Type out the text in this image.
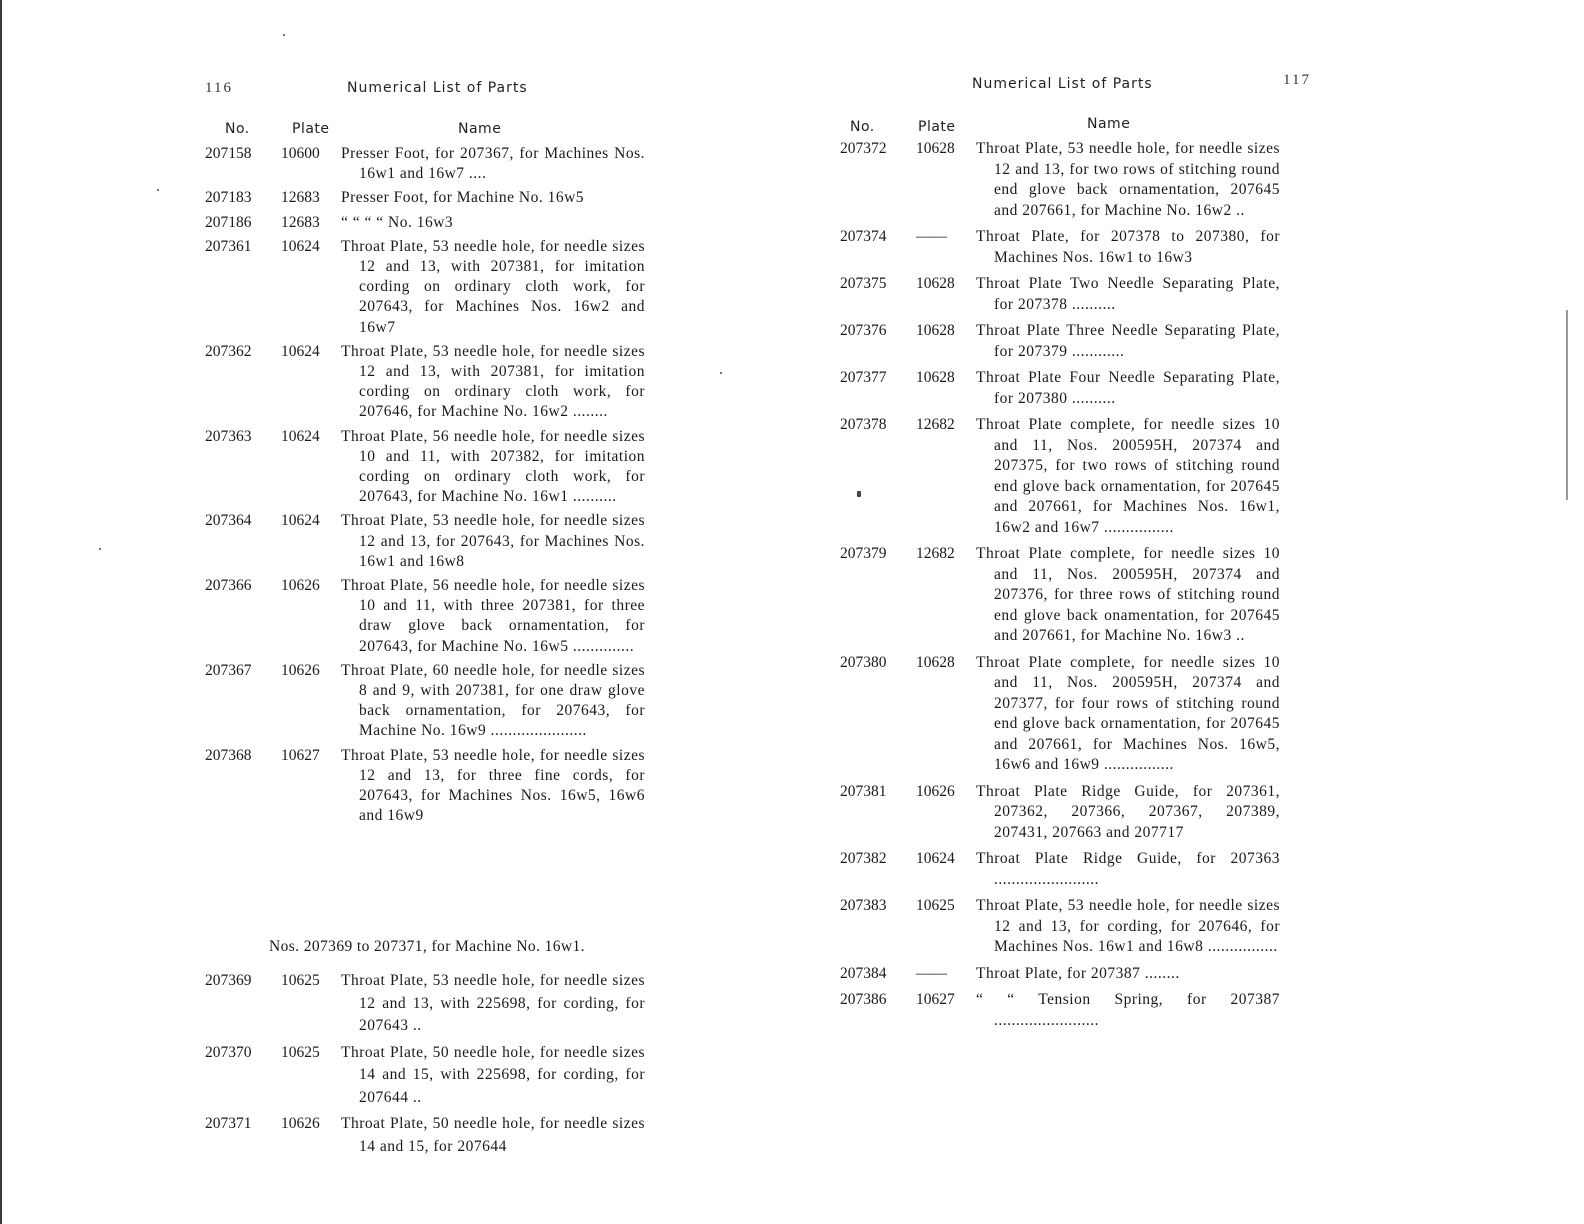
116	Numerical List of Parts
No.	Plate	Name
207158	10600	Presser Foot, for 207367, for Machines Nos. 16w1 and 16w7 ....
207183	12683	Presser Foot, for Machine No. 16w5
207186	12683	“ “ “ “ No. 16w3
207361	10624	Throat Plate, 53 needle hole, for needle sizes 12 and 13, with 207381, for imitation cording on ordinary cloth work, for 207643, for Machines Nos. 16w2 and 16w7
207362	10624	Throat Plate, 53 needle hole, for needle sizes 12 and 13, with 207381, for imitation cording on ordinary cloth work, for 207646, for Machine No. 16w2 ........
207363	10624	Throat Plate, 56 needle hole, for needle sizes 10 and 11, with 207382, for imitation cording on ordinary cloth work, for 207643, for Machine No. 16w1 ..........
207364	10624	Throat Plate, 53 needle hole, for needle sizes 12 and 13, for 207643, for Machines Nos. 16w1 and 16w8
207366	10626	Throat Plate, 56 needle hole, for needle sizes 10 and 11, with three 207381, for three draw glove back ornamentation, for 207643, for Machine No. 16w5 ..............
207367	10626	Throat Plate, 60 needle hole, for needle sizes 8 and 9, with 207381, for one draw glove back ornamentation, for 207643, for Machine No. 16w9 ......................
207368	10627	Throat Plate, 53 needle hole, for needle sizes 12 and 13, for three fine cords, for 207643, for Machines Nos. 16w5, 16w6 and 16w9
Nos. 207369 to 207371, for Machine No. 16w1.
207369	10625	Throat Plate, 53 needle hole, for needle sizes 12 and 13, with 225698, for cording, for 207643 ..
207370	10625	Throat Plate, 50 needle hole, for needle sizes 14 and 15, with 225698, for cording, for 207644 ..
207371	10626	Throat Plate, 50 needle hole, for needle sizes 14 and 15, for 207644
Numerical List of Parts	117
No.	Plate	Name
207372	10628	Throat Plate, 53 needle hole, for needle sizes 12 and 13, for two rows of stitching round end glove back ornamentation, 207645 and 207661, for Machine No. 16w2 ..
207374	——	Throat Plate, for 207378 to 207380, for Machines Nos. 16w1 to 16w3
207375	10628	Throat Plate Two Needle Separating Plate, for 207378 ..........
207376	10628	Throat Plate Three Needle Separating Plate, for 207379 ............
207377	10628	Throat Plate Four Needle Separating Plate, for 207380 ..........
207378	12682	Throat Plate complete, for needle sizes 10 and 11, Nos. 200595H, 207374 and 207375, for two rows of stitching round end glove back ornamentation, for 207645 and 207661, for Machines Nos. 16w1, 16w2 and 16w7 ................
207379	12682	Throat Plate complete, for needle sizes 10 and 11, Nos. 200595H, 207374 and 207376, for three rows of stitching round end glove back onamentation, for 207645 and 207661, for Machine No. 16w3 ..
207380	10628	Throat Plate complete, for needle sizes 10 and 11, Nos. 200595H, 207374 and 207377, for four rows of stitching round end glove back ornamentation, for 207645 and 207661, for Machines Nos. 16w5, 16w6 and 16w9 ................
207381	10626	Throat Plate Ridge Guide, for 207361, 207362, 207366, 207367, 207389, 207431, 207663 and 207717
207382	10624	Throat Plate Ridge Guide, for 207363 ........................
207383	10625	Throat Plate, 53 needle hole, for needle sizes 12 and 13, for cording, for 207646, for Machines Nos. 16w1 and 16w8 ................
207384	——	Throat Plate, for 207387 ........
207386	10627	“ “ Tension Spring, for 207387 ........................
